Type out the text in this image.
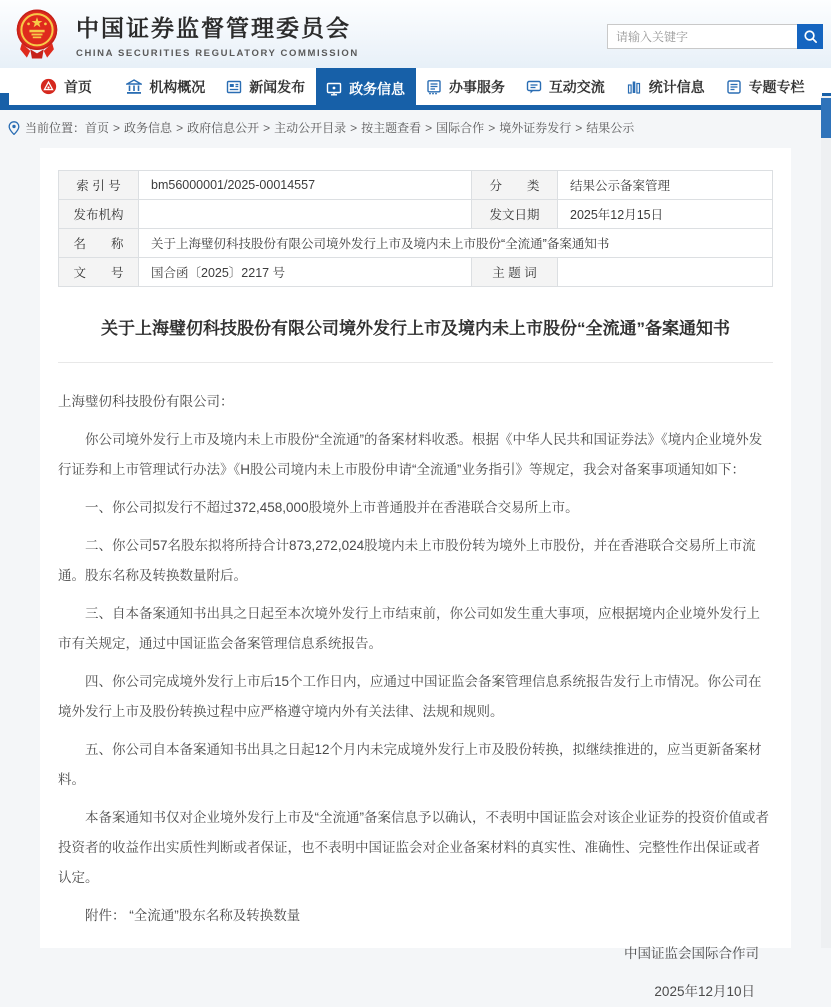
中国证券监督管理委员会
CHINA SECURITIES REGULATORY COMMISSION
请输入关键字
首页	机构概况	新闻发布	政务信息	办事服务	互动交流	统计信息	专题专栏
当前位置： 首页 > 政务信息 > 政府信息公开 > 主动公开目录 > 按主题查看 > 国际合作 > 境外证券发行 > 结果公示
索 引 号	bm56000001/2025-00014557	分　　类	结果公示备案管理
发布机构		发文日期	2025年12月15日
名　　称	关于上海璧仞科技股份有限公司境外发行上市及境内未上市股份“全流通”备案通知书		
文　　号	国合函〔2025〕2217 号	主 题 词	
关于上海璧仞科技股份有限公司境外发行上市及境内未上市股份“全流通”备案通知书

上海璧仞科技股份有限公司：

你公司境外发行上市及境内未上市股份“全流通”的备案材料收悉。根据《中华人民共和国证券法》《境内企业境外发行证券和上市管理试行办法》《H股公司境内未上市股份申请“全流通”业务指引》等规定，我会对备案事项通知如下：

一、你公司拟发行不超过372,458,000股境外上市普通股并在香港联合交易所上市。

二、你公司57名股东拟将所持合计873,272,024股境内未上市股份转为境外上市股份，并在香港联合交易所上市流通。股东名称及转换数量附后。

三、自本备案通知书出具之日起至本次境外发行上市结束前，你公司如发生重大事项，应根据境内企业境外发行上市有关规定，通过中国证监会备案管理信息系统报告。

四、你公司完成境外发行上市后15个工作日内，应通过中国证监会备案管理信息系统报告发行上市情况。你公司在境外发行上市及股份转换过程中应严格遵守境内外有关法律、法规和规则。

五、你公司自本备案通知书出具之日起12个月内未完成境外发行上市及股份转换，拟继续推进的，应当更新备案材料。

本备案通知书仅对企业境外发行上市及“全流通”备案信息予以确认，不表明中国证监会对该企业证券的投资价值或者投资者的收益作出实质性判断或者保证，也不表明中国证监会对企业备案材料的真实性、准确性、完整性作出保证或者认定。

附件： “全流通”股东名称及转换数量

中国证监会国际合作司

2025年12月10日
